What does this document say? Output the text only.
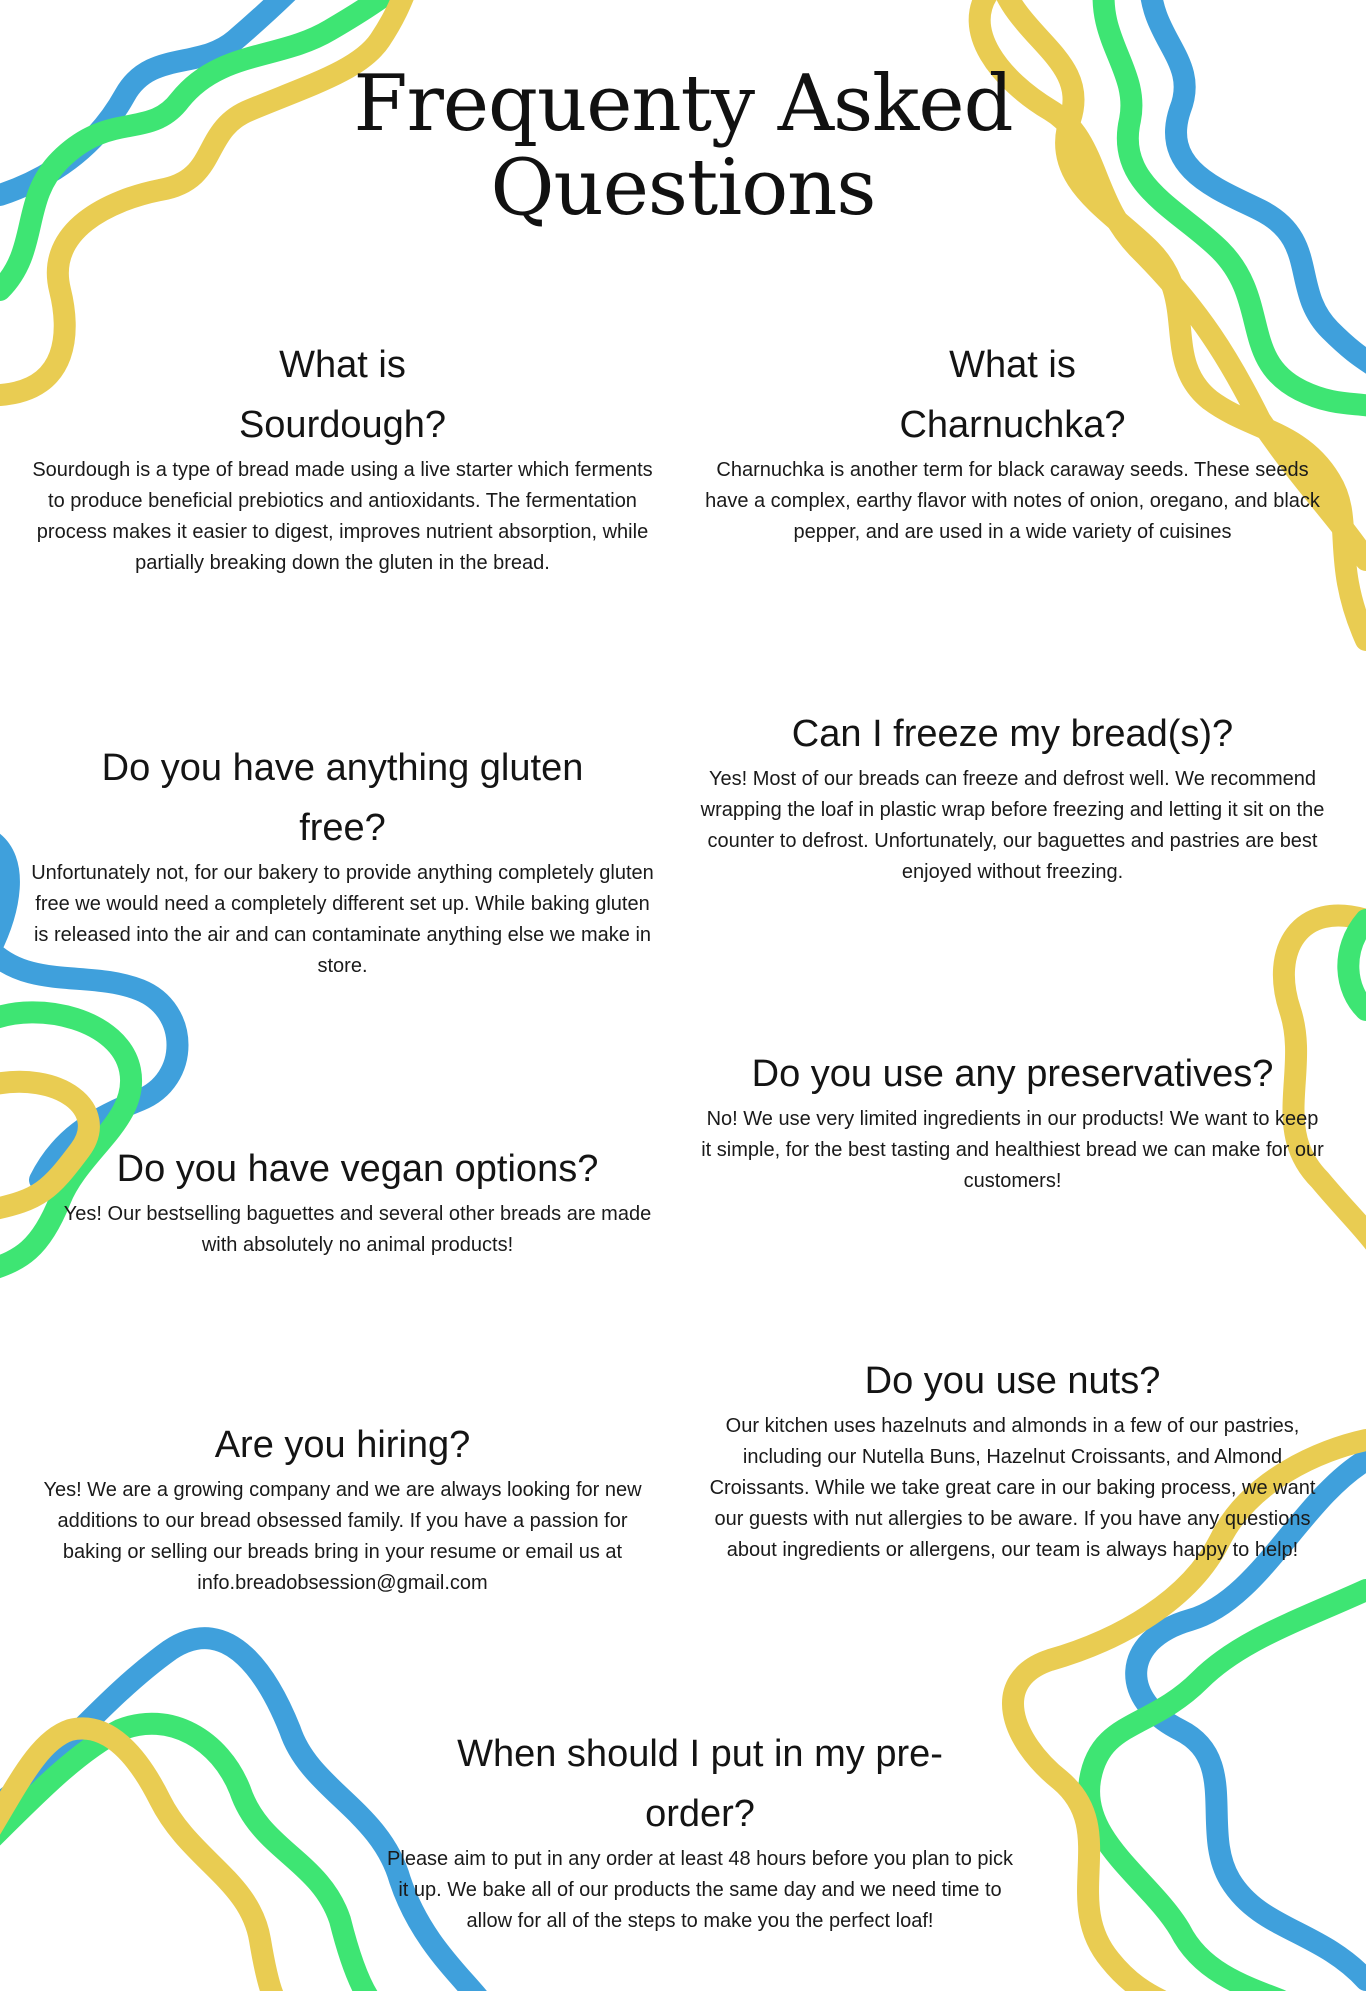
Frequenty Asked Questions
What is Sourdough?

Sourdough is a type of bread made using a live starter which ferments to produce beneficial prebiotics and antioxidants. The fermentation process makes it easier to digest, improves nutrient absorption, while partially breaking down the gluten in the bread.

What is Charnuchka?

Charnuchka is another term for black caraway seeds. These seeds have a complex, earthy flavor with notes of onion, oregano, and black pepper, and are used in a wide variety of cuisines

Do you have anything gluten free?

Unfortunately not, for our bakery to provide anything completely gluten free we would need a completely different set up. While baking gluten is released into the air and can contaminate anything else we make in store.

Can I freeze my bread(s)?

Yes! Most of our breads can freeze and defrost well. We recommend wrapping the loaf in plastic wrap before freezing and letting it sit on the counter to defrost. Unfortunately, our baguettes and pastries are best enjoyed without freezing.

Do you use any preservatives?

No! We use very limited ingredients in our products! We want to keep it simple, for the best tasting and healthiest bread we can make for our customers!

Do you have vegan options?

Yes! Our bestselling baguettes and several other breads are made with absolutely no animal products!

Do you use nuts?

Our kitchen uses hazelnuts and almonds in a few of our pastries, including our Nutella Buns, Hazelnut Croissants, and Almond Croissants. While we take great care in our baking process, we want our guests with nut allergies to be aware. If you have any questions about ingredients or allergens, our team is always happy to help!

Are you hiring?

Yes! We are a growing company and we are always looking for new additions to our bread obsessed family. If you have a passion for baking or selling our breads bring in your resume or email us at info.breadobsession@gmail.com

When should I put in my pre-order?

Please aim to put in any order at least 48 hours before you plan to pick it up. We bake all of our products the same day and we need time to allow for all of the steps to make you the perfect loaf!
